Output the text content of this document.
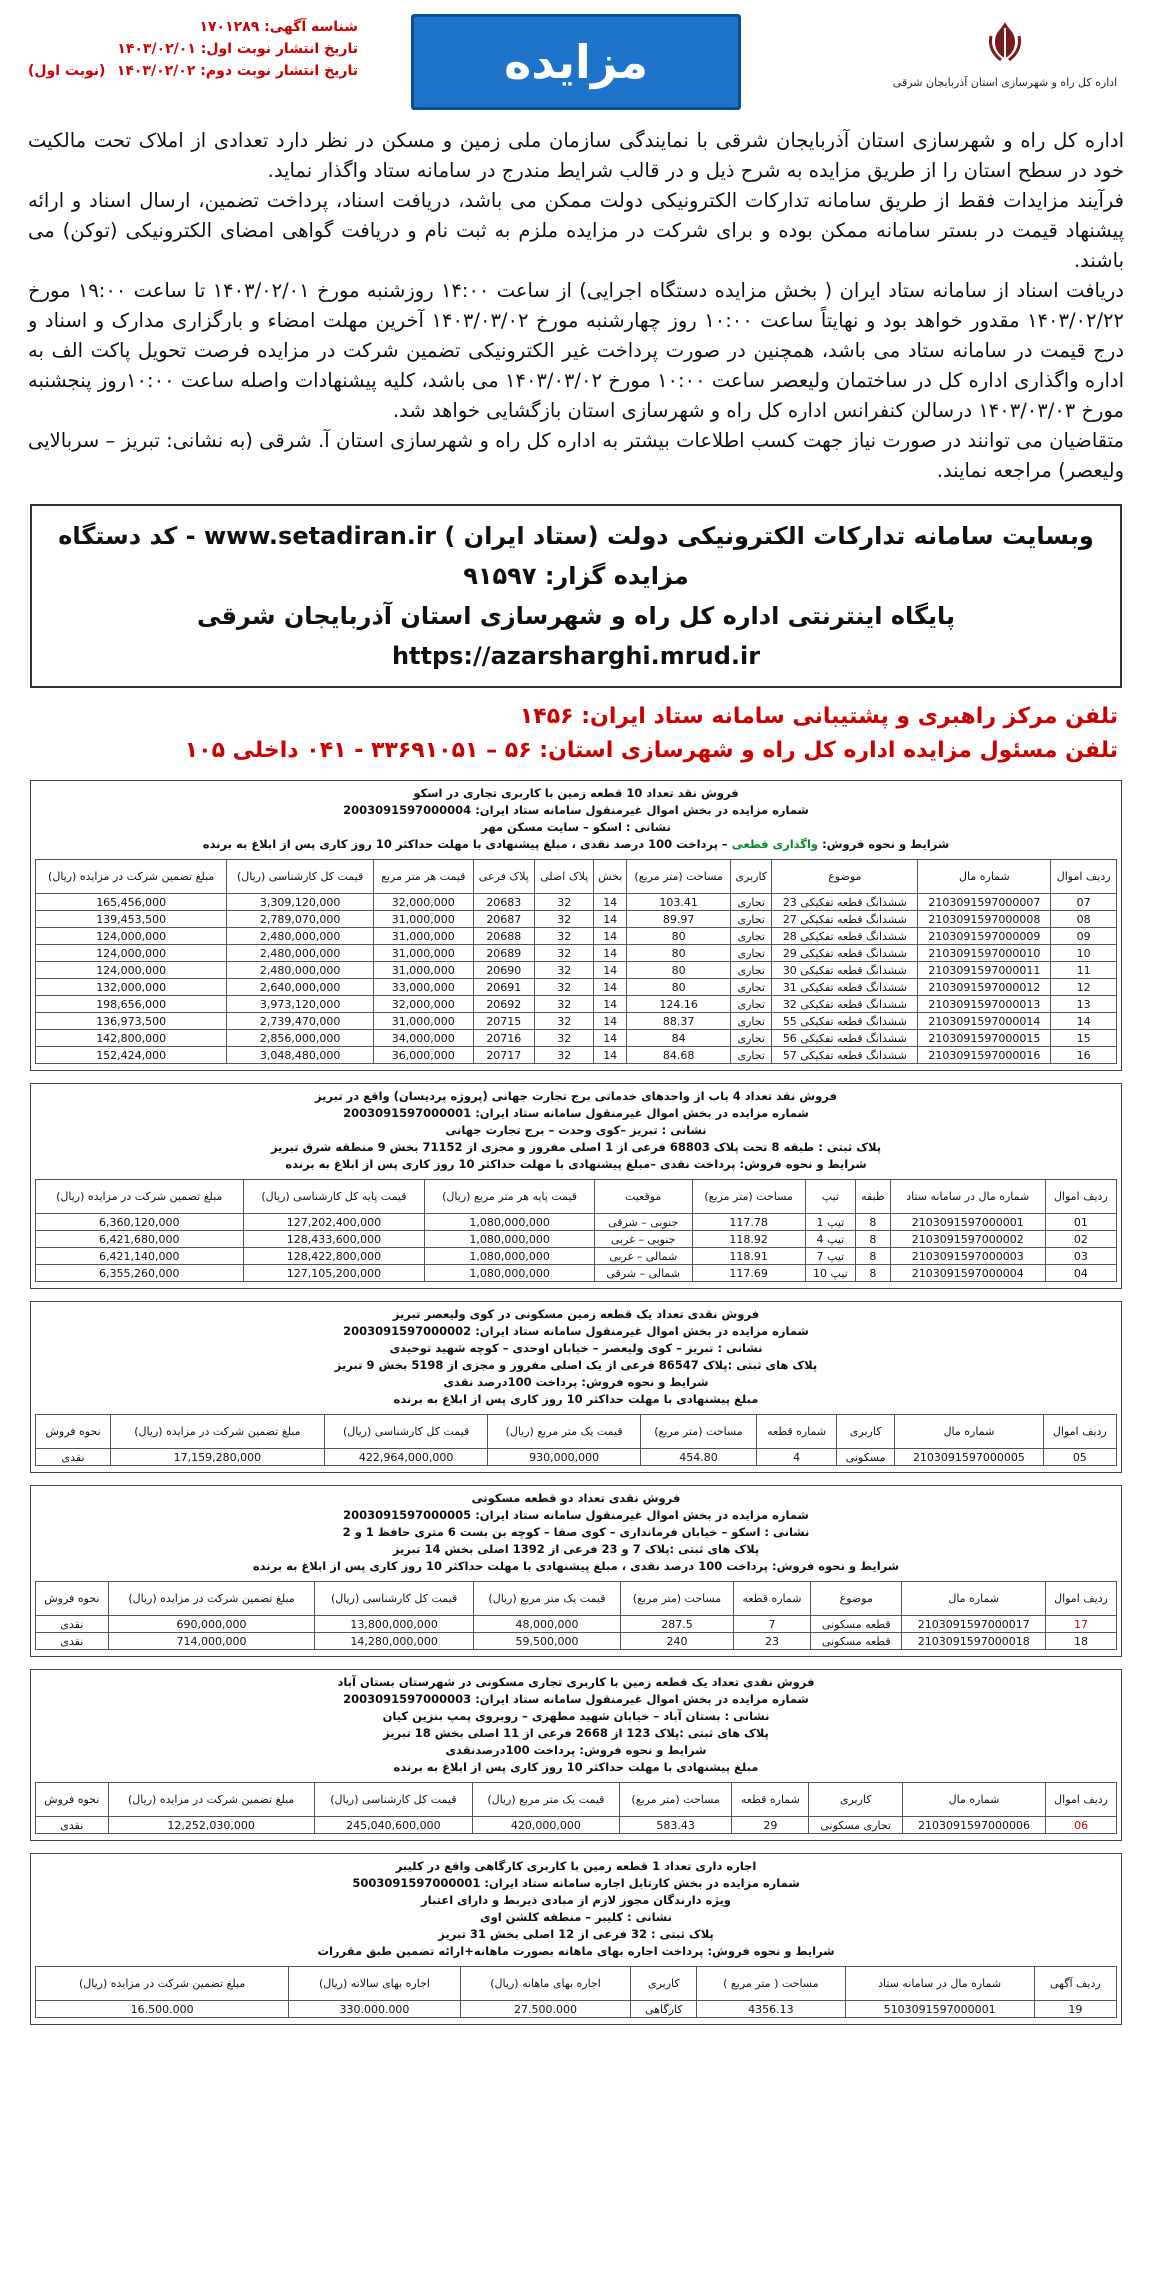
اداره کل راه و شهرسازی استان آذربایجان شرقی
مزایده
شناسه آگهی: ۱۷۰۱۲۸۹
تاریخ انتشار نوبت اول: ۱۴۰۳/۰۲/۰۱
تاریخ انتشار نوبت دوم: ۱۴۰۳/۰۲/۰۲
(نوبت اول)

اداره کل راه و شهرسازی استان آذربایجان شرقی با نمایندگی سازمان ملی زمین و مسکن در نظر دارد تعدادی از املاک تحت مالکیت خود در سطح استان را از طریق مزایده به شرح ذیل و در قالب شرایط مندرج در سامانه ستاد واگذار نماید.

فرآیند مزایدات فقط از طریق سامانه تدارکات الکترونیکی دولت ممکن می باشد، دریافت اسناد، پرداخت تضمین، ارسال اسناد و ارائه پیشنهاد قیمت در بستر سامانه ممکن بوده و برای شرکت در مزایده ملزم به ثبت نام و دریافت گواهی امضای الکترونیکی (توکن) می باشند.

دریافت اسناد از سامانه ستاد ایران ( بخش مزایده دستگاه اجرایی) از ساعت ۱۴:۰۰ روزشنبه مورخ ۱۴۰۳/۰۲/۰۱ تا ساعت ۱۹:۰۰ مورخ ۱۴۰۳/۰۲/۲۲ مقدور خواهد بود و نهایتاً ساعت ۱۰:۰۰ روز چهارشنبه مورخ ۱۴۰۳/۰۳/۰۲ آخرین مهلت امضاء و بارگزاری مدارک و اسناد و درج قیمت در سامانه ستاد می باشد، همچنین در صورت پرداخت غیر الکترونیکی تضمین شرکت در مزایده فرصت تحویل پاکت الف به اداره واگذاری اداره کل در ساختمان ولیعصر ساعت ۱۰:۰۰ مورخ ۱۴۰۳/۰۳/۰۲ می باشد، کلیه پیشنهادات واصله ساعت ۱۰:۰۰روز پنجشنبه مورخ ۱۴۰۳/۰۳/۰۳ درسالن کنفرانس اداره کل راه و شهرسازی استان بازگشایی خواهد شد.

متقاضیان می توانند در صورت نیاز جهت کسب اطلاعات بیشتر به اداره کل راه و شهرسازی استان آ. شرقی (به نشانی: تبریز – سربالایی ولیعصر) مراجعه نمایند.

وبسایت سامانه تدارکات الکترونیکی دولت (ستاد ایران ) www.setadiran.ir - کد دستگاه مزایده گزار: ۹۱۵۹۷
پایگاه اینترنتی اداره کل راه و شهرسازی استان آذربایجان شرقی https://azarsharghi.mrud.ir
تلفن مرکز راهبری و پشتیبانی سامانه ستاد ایران: ۱۴۵۶
تلفن مسئول مزایده اداره کل راه و شهرسازی استان: ۵۶ – ۳۳۶۹۱۰۵۱ - ۰۴۱ داخلی ۱۰۵
فروش نقد تعداد 10 قطعه زمین با کاربری تجاری در اسکو
شماره مزایده در بخش اموال غیرمنقول سامانه ستاد ایران: 2003091597000004
نشانی : اسکو – سایت مسکن مهر
شرایط و نحوه فروش: واگذاری قطعی – پرداخت 100 درصد نقدی ، مبلغ پیشنهادی با مهلت حداکثر 10 روز کاری پس از ابلاغ به برنده
ردیف اموال	شماره مال	موضوع	کاربری	مساحت (متر مربع)	بخش	پلاک اصلی	پلاک فرعی	قیمت هر متر مربع	قیمت کل کارشناسی (ریال)	مبلغ تضمین شرکت در مزایده (ریال)
07	2103091597000007	ششدانگ قطعه تفکیکی 23	تجاری	103.41	14	32	20683	32,000,000	3,309,120,000	165,456,000
08	2103091597000008	ششدانگ قطعه تفکیکی 27	تجاری	89.97	14	32	20687	31,000,000	2,789,070,000	139,453,500
09	2103091597000009	ششدانگ قطعه تفکیکی 28	تجاری	80	14	32	20688	31,000,000	2,480,000,000	124,000,000
10	2103091597000010	ششدانگ قطعه تفکیکی 29	تجاری	80	14	32	20689	31,000,000	2,480,000,000	124,000,000
11	2103091597000011	ششدانگ قطعه تفکیکی 30	تجاری	80	14	32	20690	31,000,000	2,480,000,000	124,000,000
12	2103091597000012	ششدانگ قطعه تفکیکی 31	تجاری	80	14	32	20691	33,000,000	2,640,000,000	132,000,000
13	2103091597000013	ششدانگ قطعه تفکیکی 32	تجاری	124.16	14	32	20692	32,000,000	3,973,120,000	198,656,000
14	2103091597000014	ششدانگ قطعه تفکیکی 55	تجاری	88.37	14	32	20715	31,000,000	2,739,470,000	136,973,500
15	2103091597000015	ششدانگ قطعه تفکیکی 56	تجاری	84	14	32	20716	34,000,000	2,856,000,000	142,800,000
16	2103091597000016	ششدانگ قطعه تفکیکی 57	تجاری	84.68	14	32	20717	36,000,000	3,048,480,000	152,424,000
فروش نقد تعداد 4 باب از واحدهای خدماتی برج تجارت جهانی (پروژه پردیسان) واقع در تبریز
شماره مزایده در بخش اموال غیرمنقول سامانه ستاد ایران: 2003091597000001
نشانی : تبریز –کوی وحدت – برج تجارت جهانی
پلاک ثبتی : طبقه 8 تحت پلاک 68803 فرعی از 1 اصلی مفروز و مجزی از 71152 بخش 9 منطقه شرق تبریز
شرایط و نحوه فروش: پرداخت نقدی –مبلغ پیشنهادی با مهلت حداکثر 10 روز کاری پس از ابلاغ به برنده
ردیف اموال	شماره مال در سامانه ستاد	طبقه	تیپ	مساحت (متر مربع)	موقعیت	قیمت پایه هر متر مربع (ریال)	قیمت پایه کل کارشناسی (ریال)	مبلغ تضمین شرکت در مزایده (ریال)
01	2103091597000001	8	تیپ 1	117.78	جنوبی – شرقی	1,080,000,000	127,202,400,000	6,360,120,000
02	2103091597000002	8	تیپ 4	118.92	جنوبی – غربی	1,080,000,000	128,433,600,000	6,421,680,000
03	2103091597000003	8	تیپ 7	118.91	شمالی – غربی	1,080,000,000	128,422,800,000	6,421,140,000
04	2103091597000004	8	تیپ 10	117.69	شمالی – شرقی	1,080,000,000	127,105,200,000	6,355,260,000
فروش نقدی تعداد یک قطعه زمین مسکونی در کوی ولیعصر تبریز
شماره مزایده در بخش اموال غیرمنقول سامانه ستاد ایران: 2003091597000002
نشانی : تبریز – کوی ولیعصر – خیابان اوحدی – کوچه شهید توحیدی
پلاک های ثبتی :پلاک 86547 فرعی از یک اصلی مفروز و مجزی از 5198 بخش 9 تبریز
شرایط و نحوه فروش: پرداخت 100درصد نقدی
مبلغ پیشنهادی با مهلت حداکثر 10 روز کاری پس از ابلاغ به برنده
ردیف اموال	شماره مال	کاربری	شماره قطعه	مساحت (متر مربع)	قیمت یک متر مربع (ریال)	قیمت کل کارشناسی (ریال)	مبلغ تضمین شرکت در مزایده (ریال)	نحوه فروش
05	2103091597000005	مسکونی	4	454.80	930,000,000	422,964,000,000	17,159,280,000	نقدی
فروش نقدی تعداد دو قطعه مسکونی
شماره مزایده در بخش اموال غیرمنقول سامانه ستاد ایران: 2003091597000005
نشانی : اسکو – خیابان فرمانداری – کوی صفا – کوچه بن بست 6 متری حافظ 1 و 2
پلاک های ثبتی :پلاک 7 و 23 فرعی از 1392 اصلی بخش 14 تبریز
شرایط و نحوه فروش: پرداخت 100 درصد نقدی ، مبلغ پیشنهادی با مهلت حداکثر 10 روز کاری پس از ابلاغ به برنده
ردیف اموال	شماره مال	موضوع	شماره قطعه	مساحت (متر مربع)	قیمت یک متر مربع (ریال)	قیمت کل کارشناسی (ریال)	مبلغ تضمین شرکت در مزایده (ریال)	نحوه فروش
17	2103091597000017	قطعه مسکونی	7	287.5	48,000,000	13,800,000,000	690,000,000	نقدی
18	2103091597000018	قطعه مسکونی	23	240	59,500,000	14,280,000,000	714,000,000	نقدی
فروش نقدی تعداد یک قطعه زمین با کاربری تجاری مسکونی در شهرستان بستان آباد
شماره مزایده در بخش اموال غیرمنقول سامانه ستاد ایران: 2003091597000003
نشانی : بستان آباد – خیابان شهید مطهری – روبروی پمپ بنزین کیان
پلاک های ثبتی :پلاک 123 از 2668 فرعی از 11 اصلی بخش 18 تبریز
شرایط و نحوه فروش: پرداخت 100درصدنقدی
مبلغ پیشنهادی با مهلت حداکثر 10 روز کاری پس از ابلاغ به برنده
ردیف اموال	شماره مال	کاربری	شماره قطعه	مساحت (متر مربع)	قیمت یک متر مربع (ریال)	قیمت کل کارشناسی (ریال)	مبلغ تضمین شرکت در مزایده (ریال)	نحوه فروش
06	2103091597000006	تجاری مسکونی	29	583.43	420,000,000	245,040,600,000	12,252,030,000	نقدی
اجاره داری تعداد 1 قطعه زمین با کاربری کارگاهی واقع در کلیبر
شماره مزایده در بخش کارتابل اجاره سامانه ستاد ایران: 5003091597000001
ویژه دارندگان مجوز لازم از مبادی ذیربط و دارای اعتبار
نشانی : کلیبر – منطقه کلشن اوی
پلاک ثبتی : 32 فرعی از 12 اصلی بخش 31 تبریز
شرایط و نحوه فروش: پرداخت اجاره بهای ماهانه بصورت ماهانه+ارائه تضمین طبق مقررات
ردیف آگهی	شماره مال در سامانه ستاد	مساحت ( متر مربع )	کاربری	اجاره بهای ماهانه (ریال)	اجاره بهای سالانه (ریال)	مبلغ تضمین شرکت در مزایده (ریال)
19	5103091597000001	4356.13	کارگاهی	27.500.000	330.000.000	16.500.000
